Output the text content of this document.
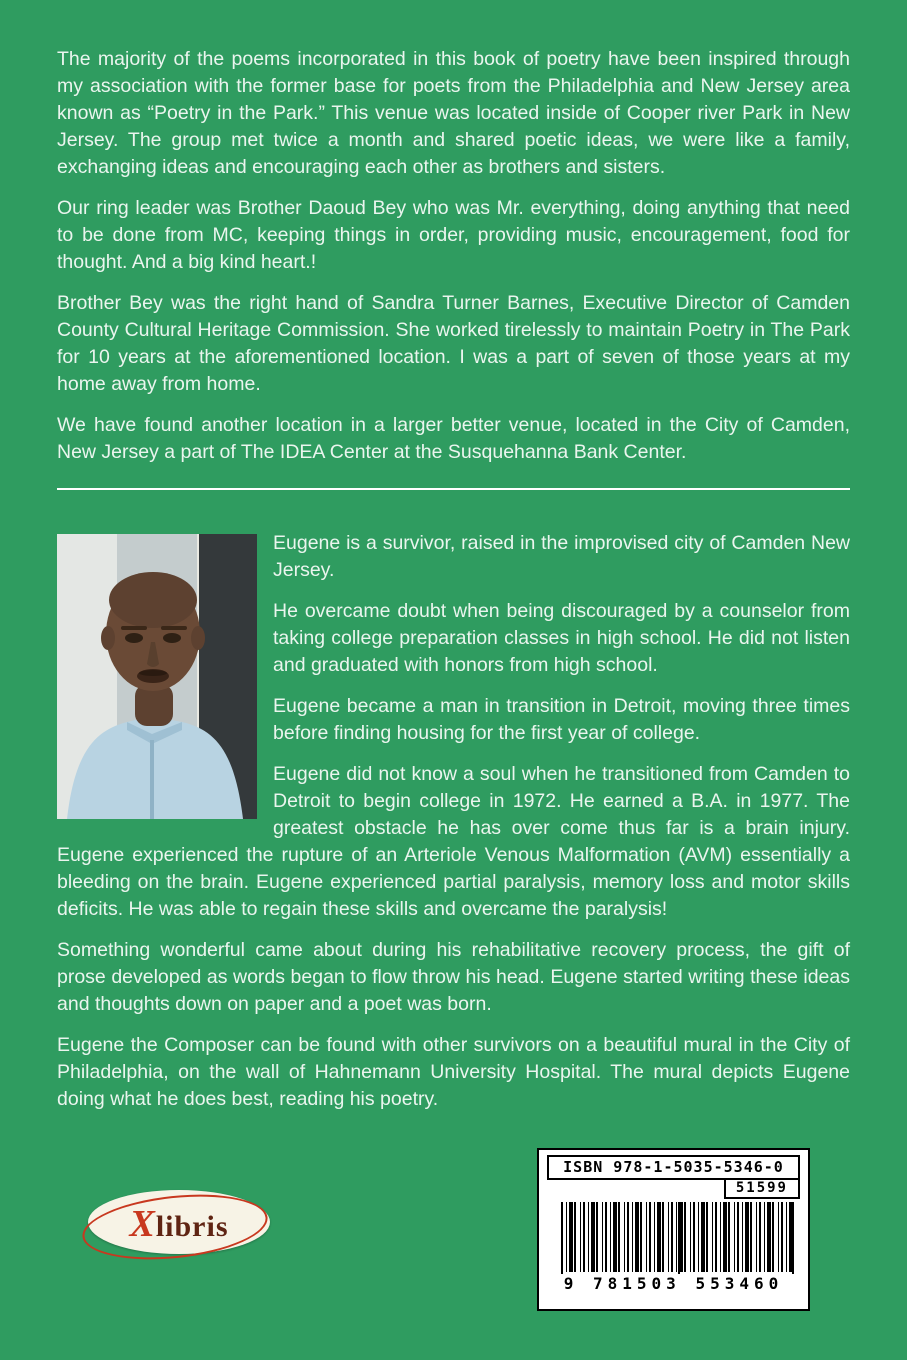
The majority of the poems incorporated in this book of poetry have been inspired through my association with the former base for poets from the Philadelphia and New Jersey area known as “Poetry in the Park.” This venue was located inside of Cooper river Park in New Jersey. The group met twice a month and shared poetic ideas, we were like a family, exchanging ideas and encouraging each other as brothers and sisters.

Our ring leader was Brother Daoud Bey who was Mr. everything, doing anything that need to be done from MC, keeping things in order, providing music, encouragement, food for thought. And a big kind heart.!

Brother Bey was the right hand of Sandra Turner Barnes, Executive Director of Camden County Cultural Heritage Commission. She worked tirelessly to maintain Poetry in The Park for 10 years at the aforementioned location. I was a part of seven of those years at my home away from home.

We have found another location in a larger better venue, located in the City of Camden, New Jersey a part of The IDEA Center at the Susquehanna Bank Center.

Eugene is a survivor, raised in the improvised city of Camden New Jersey.

He overcame doubt when being discouraged by a counselor from taking college preparation classes in high school. He did not listen and graduated with honors from high school.

Eugene became a man in transition in Detroit, moving three times before finding housing for the first year of college.

Eugene did not know a soul when he transitioned from Camden to Detroit to begin college in 1972. He earned a B.A. in 1977. The greatest obstacle he has over come thus far is a brain injury. Eugene experienced the rupture of an Arteriole Venous Malformation (AVM) essentially a bleeding on the brain. Eugene experienced partial paralysis, memory loss and motor skills deficits. He was able to regain these skills and overcame the paralysis!

Something wonderful came about during his rehabilitative recovery process, the gift of prose developed as words began to flow throw his head. Eugene started writing these ideas and thoughts down on paper and a poet was born.

Eugene the Composer can be found with other survivors on a beautiful mural in the City of Philadelphia, on the wall of Hahnemann University Hospital. The mural depicts Eugene doing what he does best, reading his poetry.

Xlibris
ISBN 978-1-5035-5346-0
51599
9 781503 553460
